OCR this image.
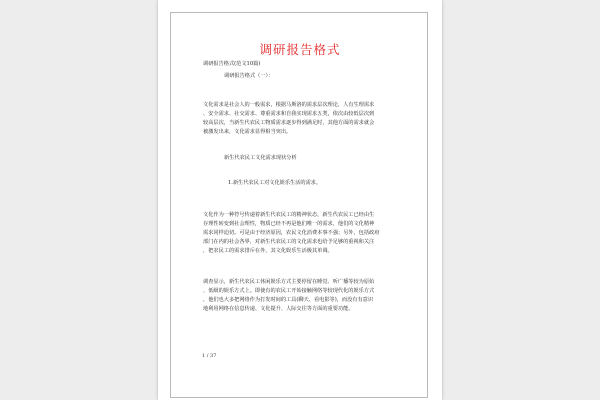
调研报告格式
调研报告格式(范文10篇)
调研报告格式（一）：
文化需求是社会人的一般需求，根据马斯洛的需求层次理论，人有生理需求
、安全需求、社交需求、尊重需求和自我实现需求五类，依次由较低层次到
较高层次，当新生代农民工物质需求逐步得到满足时，其他方面的需求就会
被激发出来，文化需求显得相当突出。
新生代农民工文化需求现状分析
1.新生代农民工对文化娱乐生活的需求。
文化作为一种符号传递着新生代农民工的精神状态，新生代农民工已经由生
存理性转变到社会理性，物质已经不再是他们唯一的需求，他们的文化精神
需求同样迫切。可是由于经济原因，农民文化消费本事不强；另外，包括政府
部门在内的社会各界，对新生代农民工的文化需求也给予足够的重视和关注
，把农民工的需求排斥在外，其文化娱乐生活极其单调。
调查显示，新生代农民工休闲娱乐方式主要停留在睡觉、听广播等较为原始
、低级的娱乐方式上。即使有的农民工开始接触网络等较现代化的娱乐方式
，他们也大多把网络作为打发时间的工具(聊天、看电影等)，而没有有意识
地利用网络在信息传递、文化提升、人际交往等方面的重要功能。
1 / 37
